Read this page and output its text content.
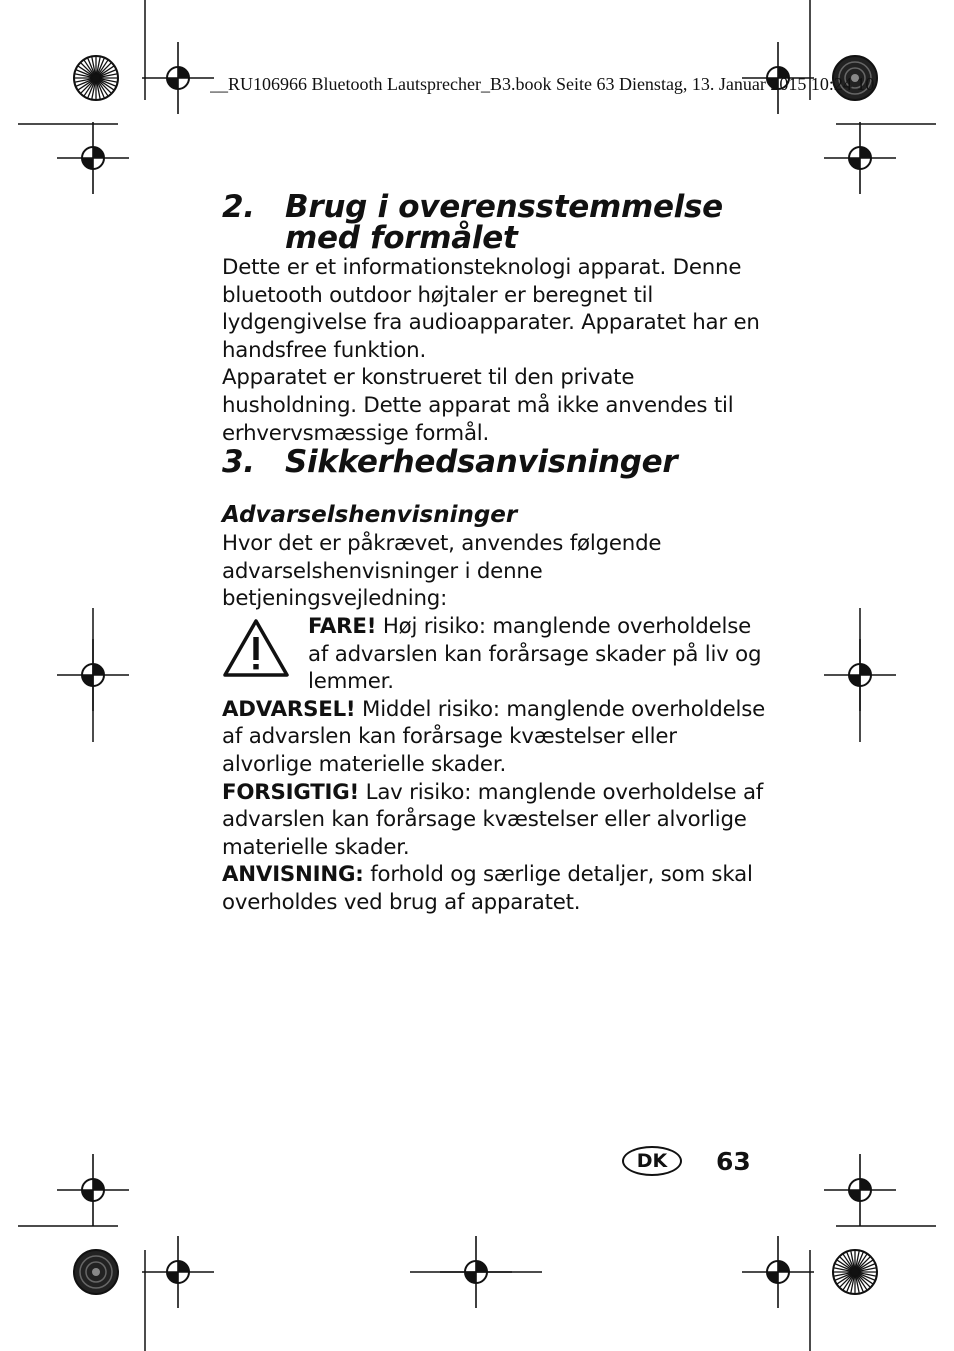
__RU106966 Bluetooth Lautsprecher_B3.book Seite 63 Dienstag, 13. Januar 2015 10:24 10
2. Brug i overensstemmelse
med formålet

Dette er et informationsteknologi apparat. Denne bluetooth outdoor højtaler er beregnet til lydgengivelse fra audioapparater. Apparatet har en handsfree funktion.

Apparatet er konstrueret til den private husholdning. Dette apparat må ikke anvendes til erhvervsmæssige formål.

3. Sikkerhedsanvisninger
Advarselshenvisninger

Hvor det er påkrævet, anvendes følgende advarselshenvisninger i denne betjeningsvejledning:

FARE! Høj risiko: manglende overholdelse af advarslen kan forårsage skader på liv og lemmer.

ADVARSEL! Middel risiko: manglende overholdelse af advarslen kan forårsage kvæstelser eller alvorlige materielle skader.

FORSIGTIG! Lav risiko: manglende overholdelse af advarslen kan forårsage kvæstelser eller alvorlige materielle skader.

ANVISNING: forhold og særlige detaljer, som skal overholdes ved brug af apparatet.

DK	63
